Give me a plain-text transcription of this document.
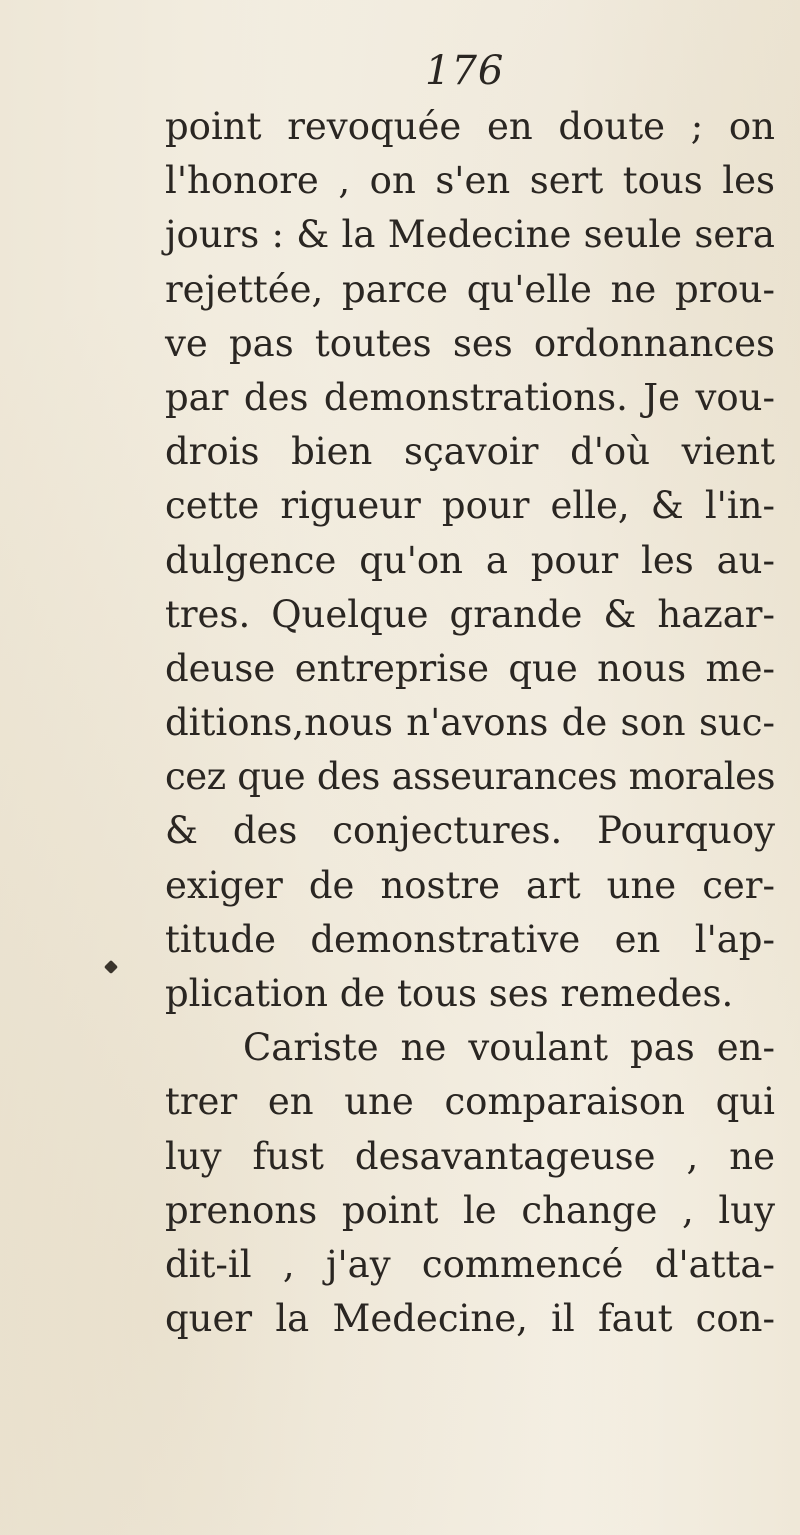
176
point revoquée en doute ; on
l'honore , on s'en sert tous les
jours : & la Medecine seule sera
rejettée, parce qu'elle ne prou-
ve pas toutes ses ordonnances
par des demonstrations. Je vou-
drois bien sçavoir d'où vient
cette rigueur pour elle, & l'in-
dulgence qu'on a pour les au-
tres. Quelque grande & hazar-
deuse entreprise que nous me-
ditions,nous n'avons de son suc-
cez que des asseurances morales
& des conjectures. Pourquoy
exiger de nostre art une cer-
titude demonstrative en l'ap-
plication de tous ses remedes.
Cariste ne voulant pas en-
trer en une comparaison qui
luy fust desavantageuse , ne
prenons point le change , luy
dit-il , j'ay commencé d'atta-
quer la Medecine, il faut con-
